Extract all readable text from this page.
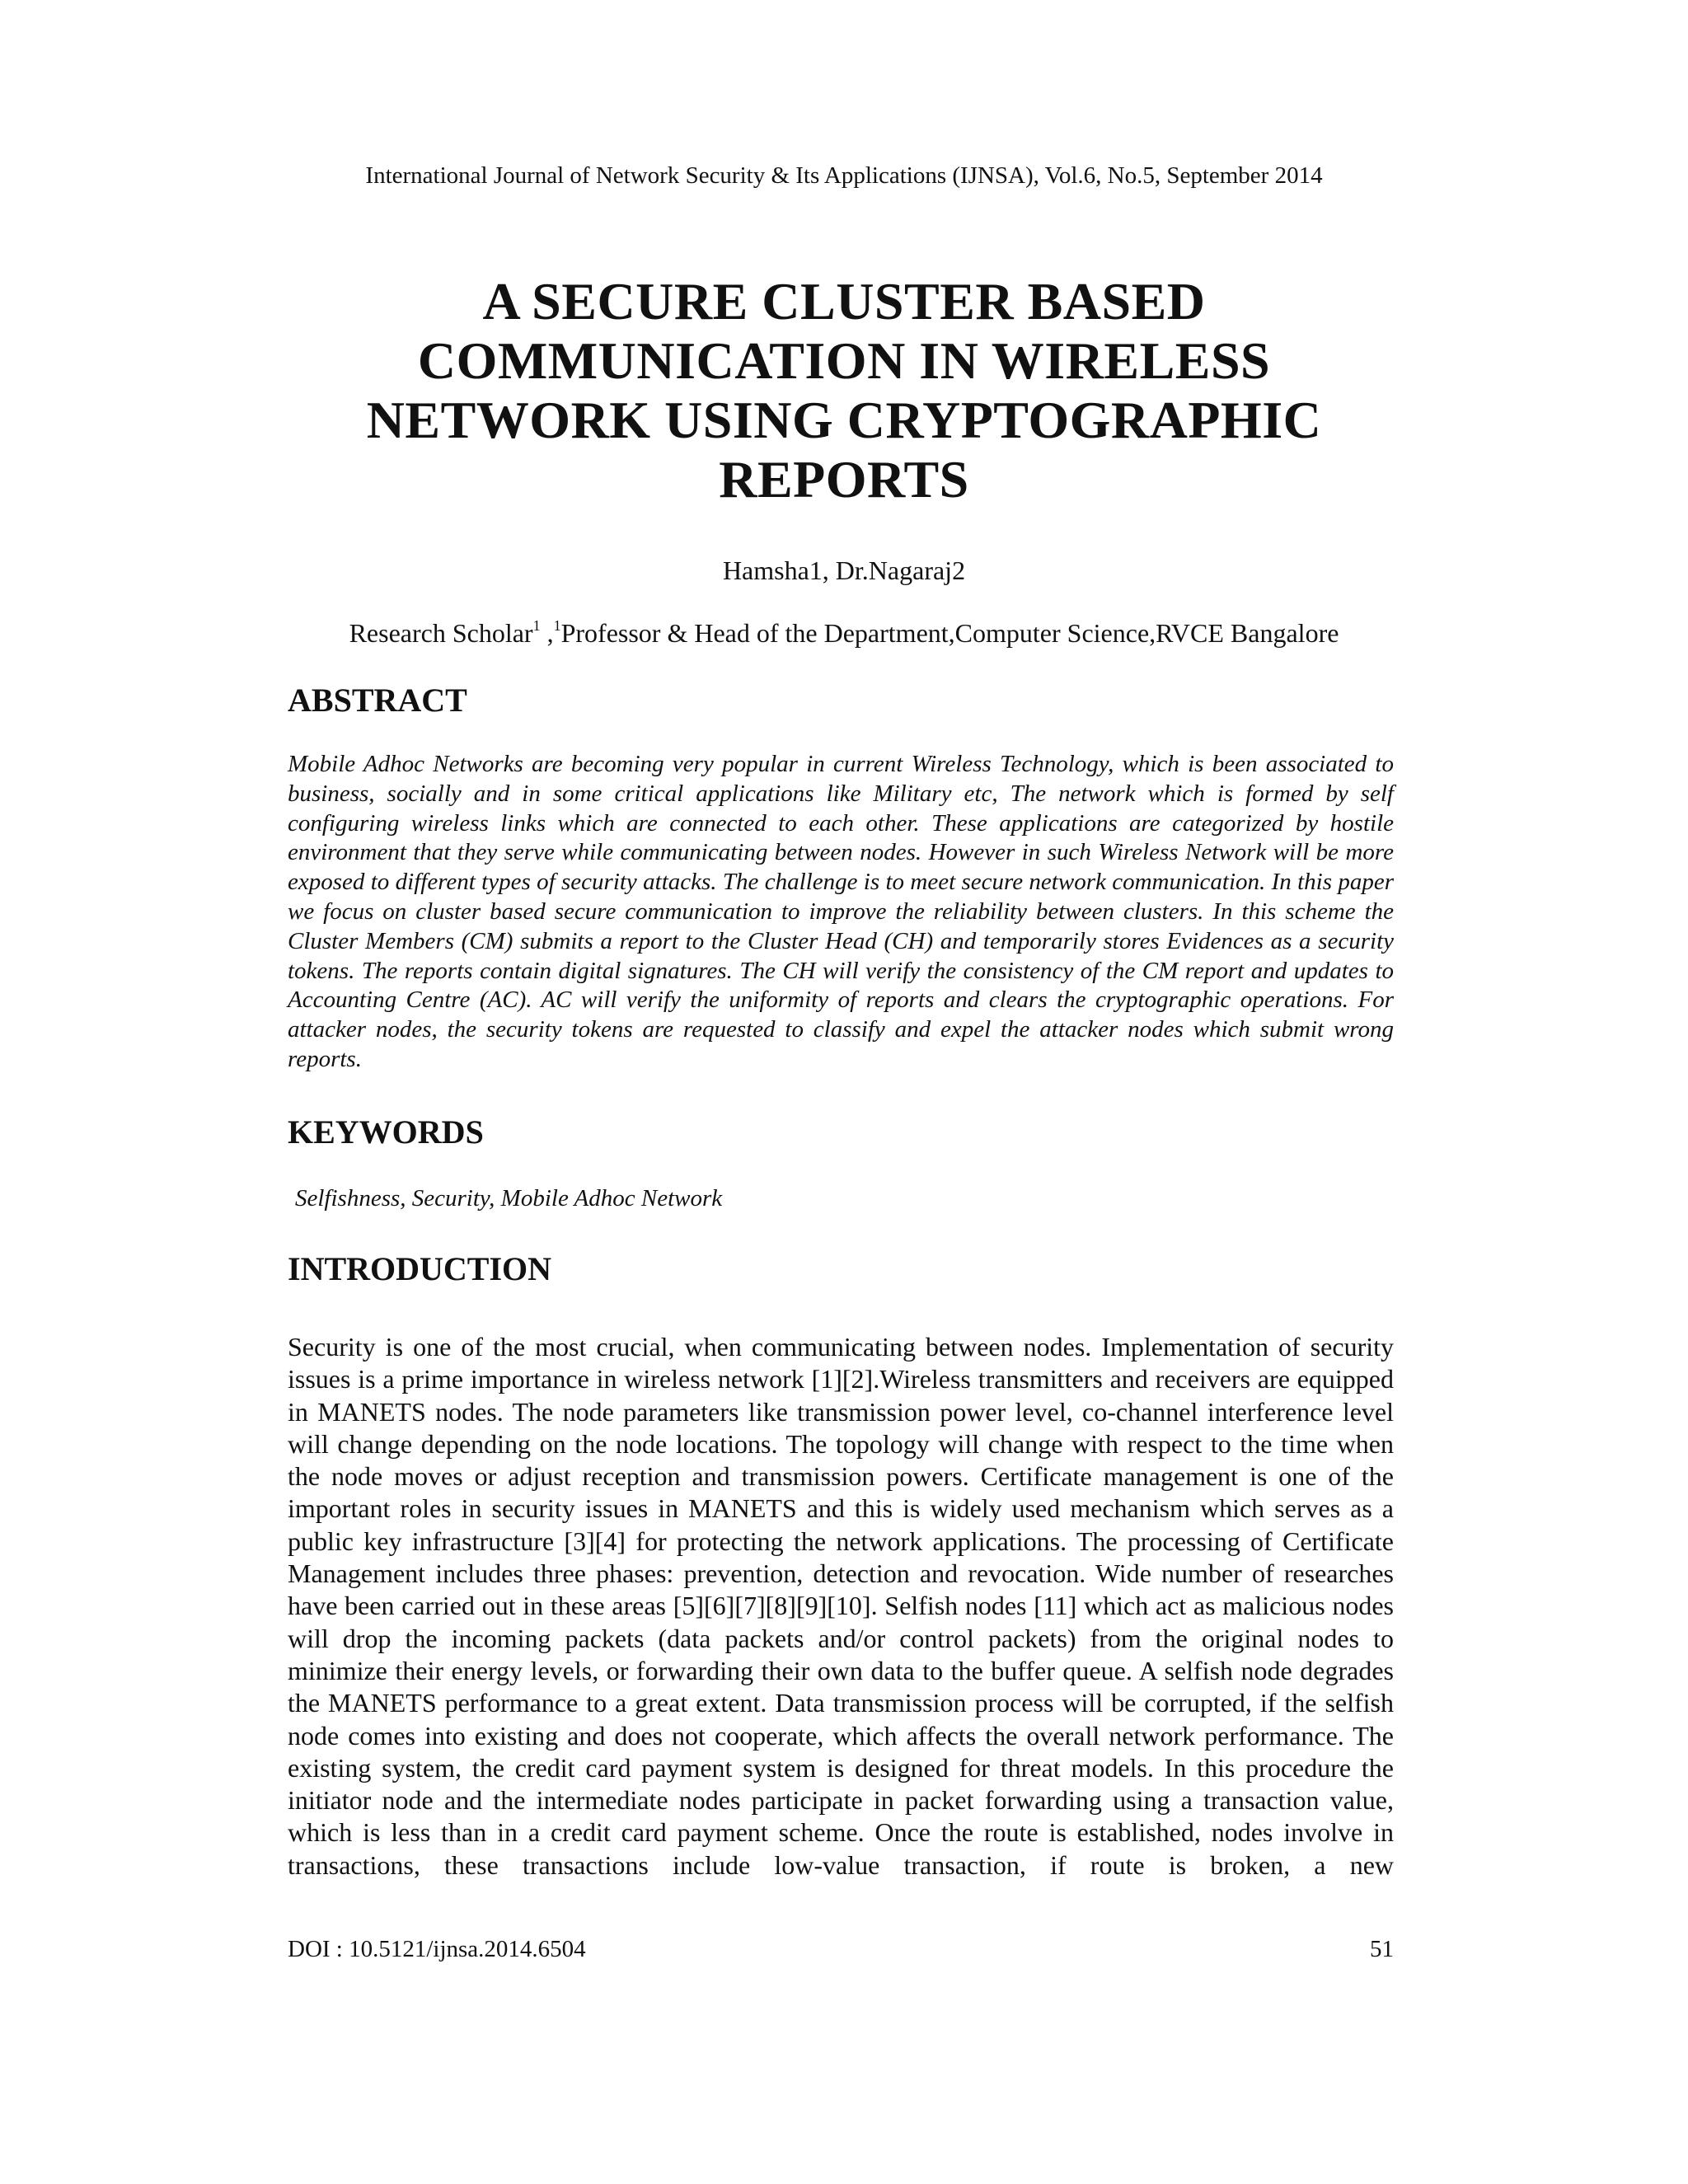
International Journal of Network Security & Its Applications (IJNSA), Vol.6, No.5, September 2014
A SECURE CLUSTER BASED
COMMUNICATION IN WIRELESS
NETWORK USING CRYPTOGRAPHIC
REPORTS
Hamsha1, Dr.Nagaraj2
Research Scholar$^1$ ,$^1$Professor & Head of the Department,Computer Science,RVCE Bangalore
ABSTRACT

Mobile Adhoc Networks are becoming very popular in current Wireless Technology, which is been associated to business, socially and in some critical applications like Military etc, The network which is formed by self configuring wireless links which are connected to each other. These applications are categorized by hostile environment that they serve while communicating between nodes. However in such Wireless Network will be more exposed to different types of security attacks. The challenge is to meet secure network communication. In this paper we focus on cluster based secure communication to improve the reliability between clusters. In this scheme the Cluster Members (CM) submits a report to the Cluster Head (CH) and temporarily stores Evidences as a security tokens. The reports contain digital signatures. The CH will verify the consistency of the CM report and updates to Accounting Centre (AC). AC will verify the uniformity of reports and clears the cryptographic operations. For attacker nodes, the security tokens are requested to classify and expel the attacker nodes which submit wrong reports.

KEYWORDS
Selfishness, Security, Mobile Adhoc Network
INTRODUCTION

Security is one of the most crucial, when communicating between nodes. Implementation of security issues is a prime importance in wireless network [1][2].Wireless transmitters and receivers are equipped in MANETS nodes. The node parameters like transmission power level, co-channel interference level will change depending on the node locations. The topology will change with respect to the time when the node moves or adjust reception and transmission powers. Certificate management is one of the important roles in security issues in MANETS and this is widely used mechanism which serves as a public key infrastructure [3][4] for protecting the network applications. The processing of Certificate Management includes three phases: prevention, detection and revocation. Wide number of researches have been carried out in these areas [5][6][7][8][9][10]. Selfish nodes [11] which act as malicious nodes will drop the incoming packets (data packets and/or control packets) from the original nodes to minimize their energy levels, or forwarding their own data to the buffer queue. A selfish node degrades the MANETS performance to a great extent. Data transmission process will be corrupted, if the selfish node comes into existing and does not cooperate, which affects the overall network performance. The existing system, the credit card payment system is designed for threat models. In this procedure the initiator node and the intermediate nodes participate in packet forwarding using a transaction value, which is less than in a credit card payment scheme. Once the route is established, nodes involve in transactions, these transactions include low-value transaction, if route is broken, a new

DOI : 10.5121/ijnsa.2014.6504	51
